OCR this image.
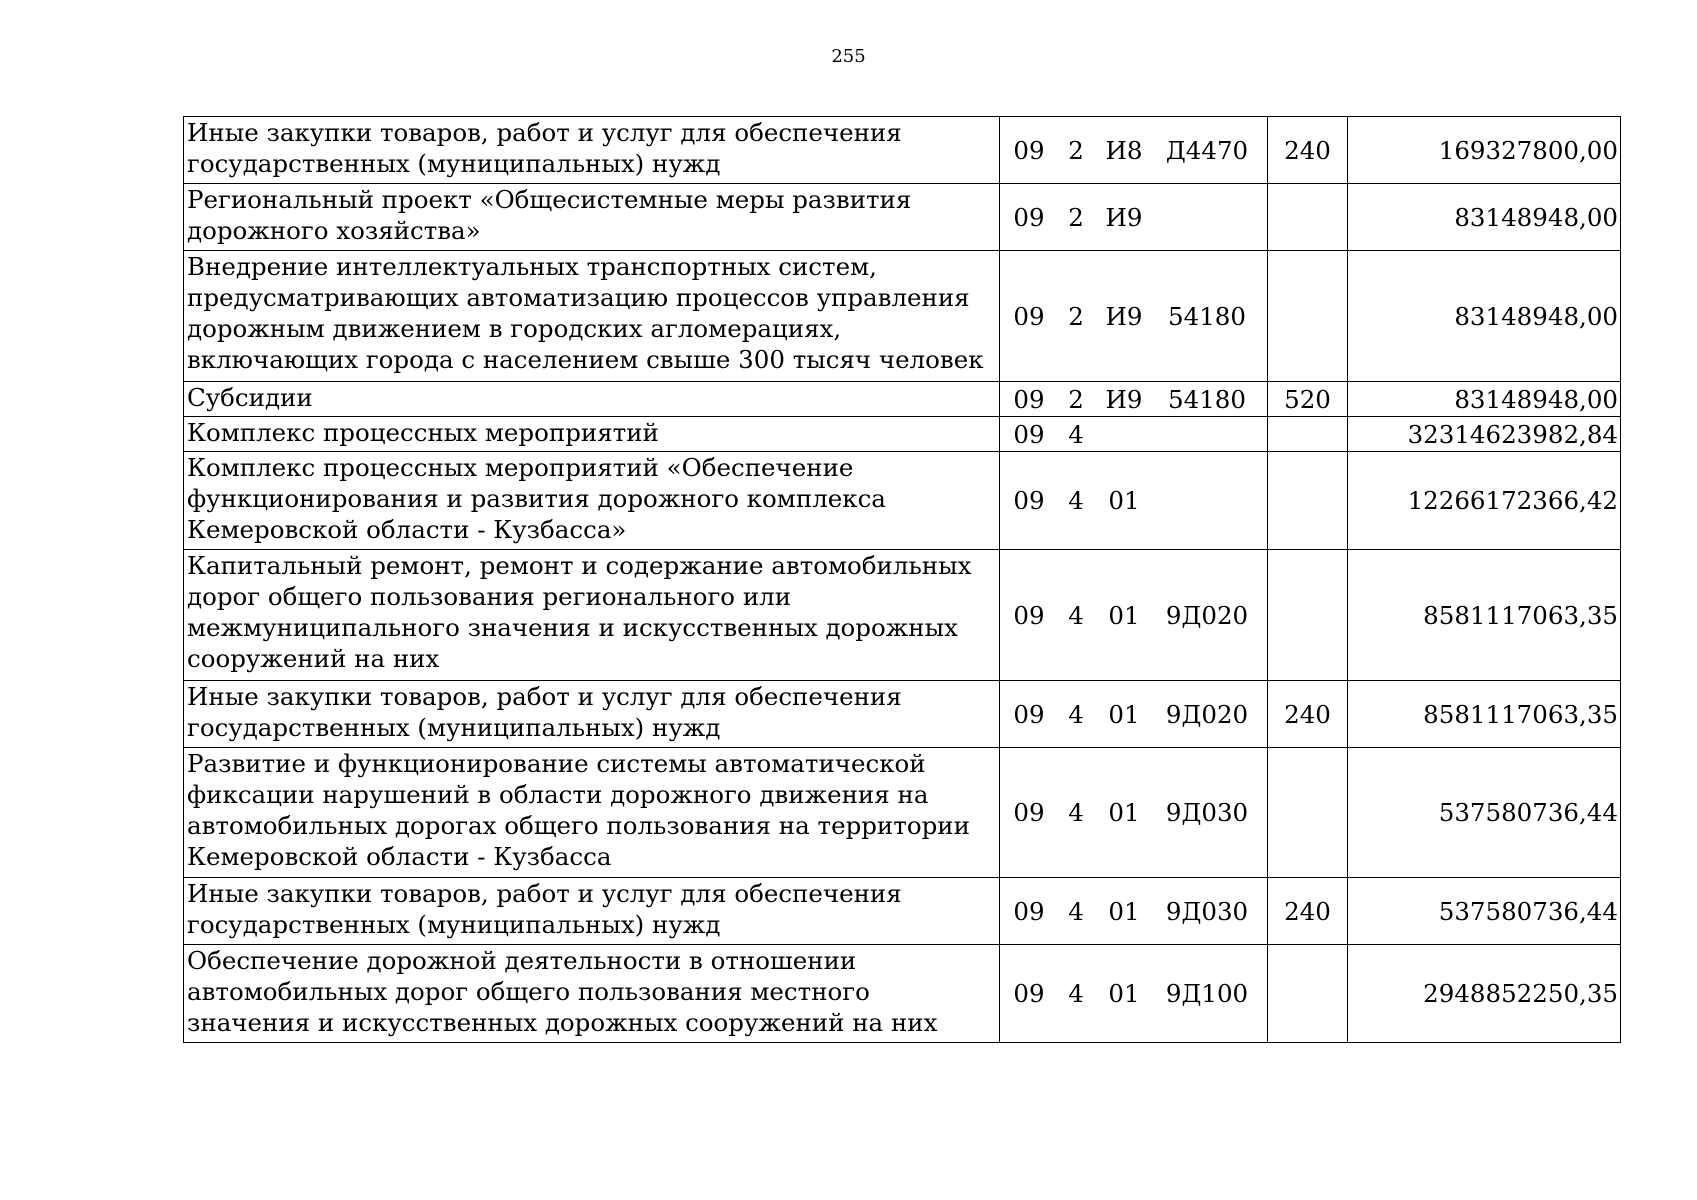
255
Иные закупки товаров, работ и услуг для обеспечения государственных (муниципальных) нужд	09 2 И8 Д4470	240	169327800,00
Региональный проект «Общесистемные меры развития дорожного хозяйства»	09 2 И9		83148948,00
Внедрение интеллектуальных транспортных систем, предусматривающих автоматизацию процессов управления дорожным движением в городских агломерациях, включающих города с населением свыше 300 тысяч человек	09 2 И9 54180		83148948,00
Субсидии	09 2 И9 54180	520	83148948,00
Комплекс процессных мероприятий	09 4		32314623982,84
Комплекс процессных мероприятий «Обеспечение функционирования и развития дорожного комплекса Кемеровской области - Кузбасса»	09 4 01		12266172366,42
Капитальный ремонт, ремонт и содержание автомобильных дорог общего пользования регионального или межмуниципального значения и искусственных дорожных сооружений на них	09 4 01 9Д020		8581117063,35
Иные закупки товаров, работ и услуг для обеспечения государственных (муниципальных) нужд	09 4 01 9Д020	240	8581117063,35
Развитие и функционирование системы автоматической фиксации нарушений в области дорожного движения на автомобильных дорогах общего пользования на территории Кемеровской области - Кузбасса	09 4 01 9Д030		537580736,44
Иные закупки товаров, работ и услуг для обеспечения государственных (муниципальных) нужд	09 4 01 9Д030	240	537580736,44
Обеспечение дорожной деятельности в отношении автомобильных дорог общего пользования местного значения и искусственных дорожных сооружений на них	09 4 01 9Д100		2948852250,35
